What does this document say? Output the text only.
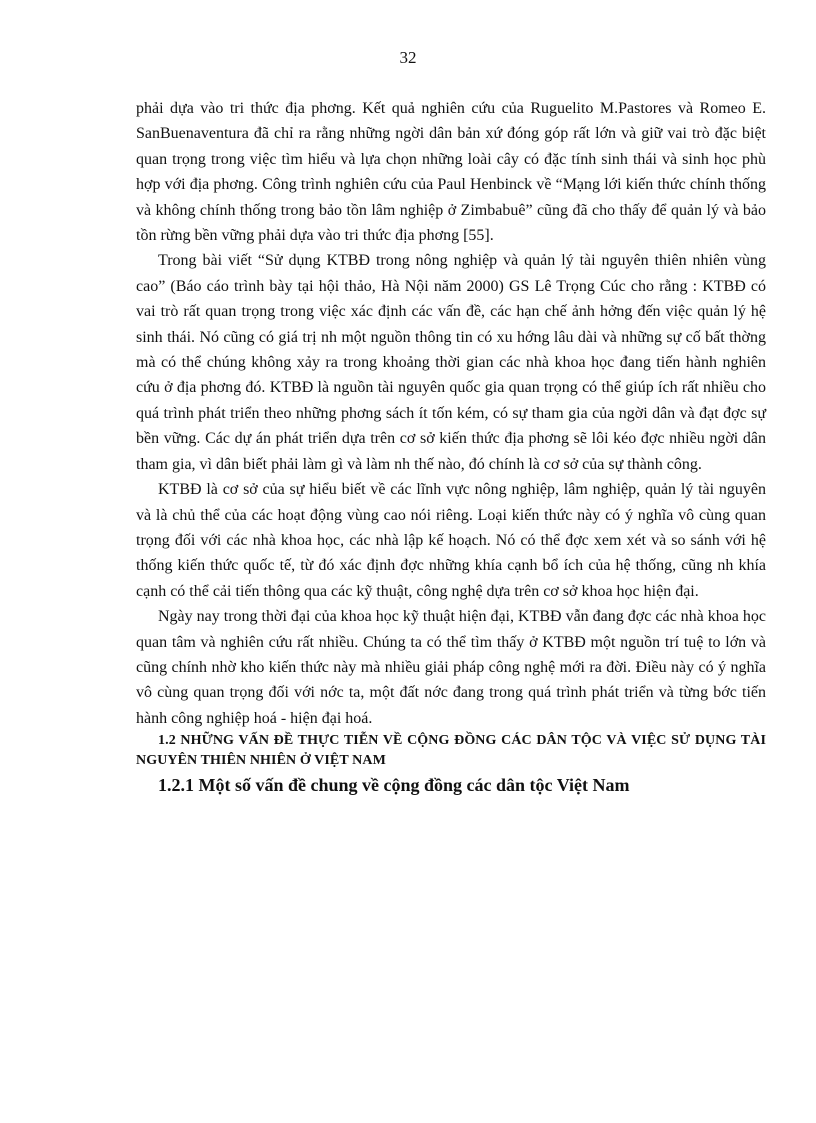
32

phải dựa vào tri thức địa phơng. Kết quả nghiên cứu của Ruguelito M.Pastores và Romeo E. SanBuenaventura đã chỉ ra rằng những ngời dân bản xứ đóng góp rất lớn và giữ vai trò đặc biệt quan trọng trong việc tìm hiểu và lựa chọn những loài cây có đặc tính sinh thái và sinh học phù hợp với địa phơng. Công trình nghiên cứu của Paul Henbinck về “Mạng lới kiến thức chính thống và không chính thống trong bảo tồn lâm nghiệp ở Zimbabuê” cũng đã cho thấy để quản lý và bảo tồn rừng bền vững phải dựa vào tri thức địa phơng [55].

Trong bài viết “Sử dụng KTBĐ trong nông nghiệp và quản lý tài nguyên thiên nhiên vùng cao” (Báo cáo trình bày tại hội thảo, Hà Nội năm 2000) GS Lê Trọng Cúc cho rằng : KTBĐ có vai trò rất quan trọng trong việc xác định các vấn đề, các hạn chế ảnh hởng đến việc quản lý hệ sinh thái. Nó cũng có giá trị nh một nguồn thông tin có xu hớng lâu dài và những sự cố bất thờng mà có thể chúng không xảy ra trong khoảng thời gian các nhà khoa học đang tiến hành nghiên cứu ở địa phơng đó. KTBĐ là nguồn tài nguyên quốc gia quan trọng có thể giúp ích rất nhiều cho quá trình phát triển theo những phơng sách ít tốn kém, có sự tham gia của ngời dân và đạt đợc sự bền vững. Các dự án phát triển dựa trên cơ sở kiến thức địa phơng sẽ lôi kéo đợc nhiều ngời dân tham gia, vì dân biết phải làm gì và làm nh thế nào, đó chính là cơ sở của sự thành công.

KTBĐ là cơ sở của sự hiểu biết về các lĩnh vực nông nghiệp, lâm nghiệp, quản lý tài nguyên và là chủ thể của các hoạt động vùng cao nói riêng. Loại kiến thức này có ý nghĩa vô cùng quan trọng đối với các nhà khoa học, các nhà lập kế hoạch. Nó có thể đợc xem xét và so sánh với hệ thống kiến thức quốc tế, từ đó xác định đợc những khía cạnh bổ ích của hệ thống, cũng nh khía cạnh có thể cải tiến thông qua các kỹ thuật, công nghệ dựa trên cơ sở khoa học hiện đại.

Ngày nay trong thời đại của khoa học kỹ thuật hiện đại, KTBĐ vẫn đang đợc các nhà khoa học quan tâm và nghiên cứu rất nhiều. Chúng ta có thể tìm thấy ở KTBĐ một nguồn trí tuệ to lớn và cũng chính nhờ kho kiến thức này mà nhiều giải pháp công nghệ mới ra đời. Điều này có ý nghĩa vô cùng quan trọng đối với nớc ta, một đất nớc đang trong quá trình phát triển và từng bớc tiến hành công nghiệp hoá - hiện đại hoá.

1.2 NHỮNG VẤN ĐỀ THỰC TIỄN VỀ CỘNG ĐỒNG CÁC DÂN TỘC VÀ VIỆC SỬ DỤNG TÀI NGUYÊN THIÊN NHIÊN Ở VIỆT NAM

1.2.1 Một số vấn đề chung về cộng đồng các dân tộc Việt Nam
